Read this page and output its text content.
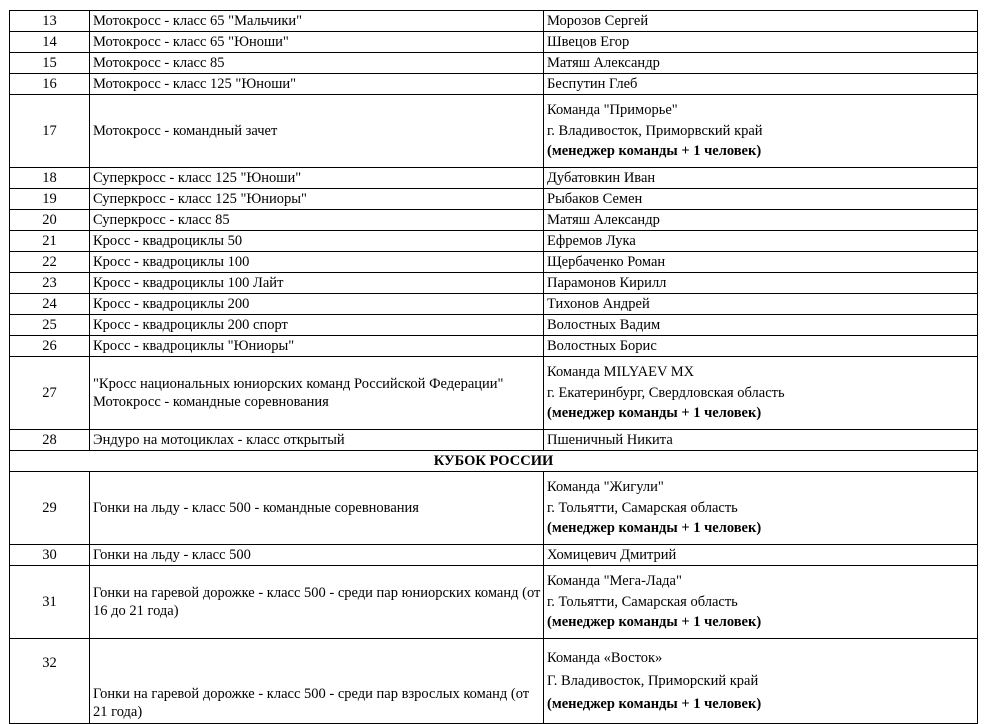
13	Мотокросс - класс 65 "Мальчики"	Морозов Сергей
14	Мотокросс - класс 65 "Юноши"	Швецов Егор
15	Мотокросс - класс 85	Матяш Александр
16	Мотокросс - класс 125 "Юноши"	Беспутин Глеб
17	Мотокросс - командный зачет	Команда "Приморье"
г. Владивосток, Приморвский край
(менеджер команды + 1 человек)

18	Суперкросс - класс 125 "Юноши"	Дубатовкин Иван
19	Суперкросс - класс 125 "Юниоры"	Рыбаков Семен
20	Суперкросс - класс 85	Матяш Александр
21	Кросс - квадроциклы 50	Ефремов Лука
22	Кросс - квадроциклы 100	Щербаченко Роман
23	Кросс - квадроциклы 100 Лайт	Парамонов Кирилл
24	Кросс - квадроциклы 200	Тихонов Андрей
25	Кросс - квадроциклы 200 спорт	Волостных Вадим
26	Кросс - квадроциклы "Юниоры"	Волостных Борис
27	"Кросс национальных юниорских команд Российской Федерации" Мотокросс - командные соревнования	Команда MILYAEV MX
г. Екатеринбург, Свердловская область
(менеджер команды + 1 человек)

28	Эндуро на мотоциклах - класс открытый	Пшеничный Никита
КУБОК РОССИИ		
29	Гонки на льду - класс 500 - командные соревнования	Команда "Жигули"
г. Тольятти, Самарская область
(менеджер команды + 1 человек)

30	Гонки на льду - класс 500	Хомицевич Дмитрий
31	Гонки на гаревой дорожке - класс 500 - среди пар юниорских команд (от 16 до 21 года)	Команда "Мега-Лада"
г. Тольятти, Самарская область
(менеджер команды + 1 человек)

32	Гонки на гаревой дорожке - класс 500 - среди пар взрослых команд (от 21 года)	Команда «Восток»
Г. Владивосток, Приморский край
(менеджер команды + 1 человек)
